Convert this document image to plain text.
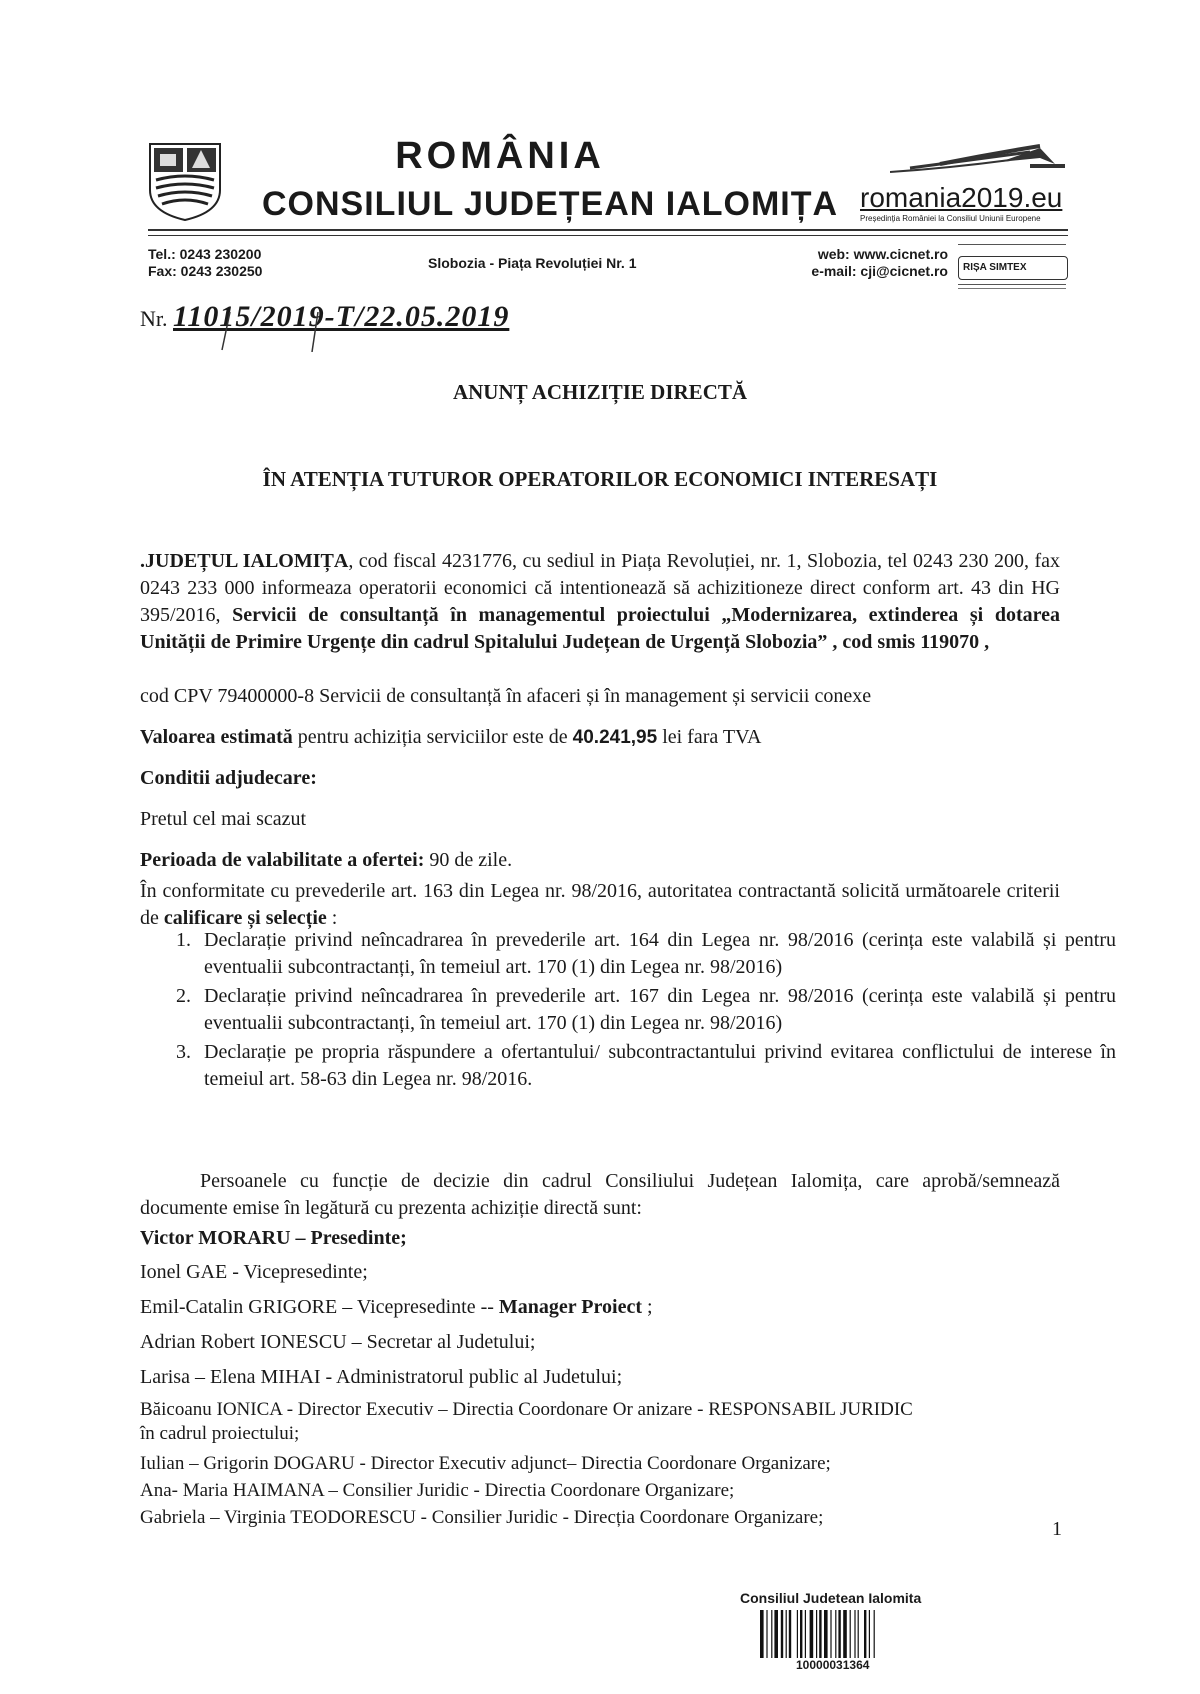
ROMÂNIA
CONSILIUL JUDEȚEAN IALOMIȚA romania2019.eu
Președinția României la Consiliul Uniunii Europene
Tel.: 0243 230200
Fax: 0243 230250	Slobozia - Piața Revoluției Nr. 1
web: www.cicnet.ro
e-mail: cji@cicnet.ro	RIȘA SIMTEX
Nr. 11015/2019-T/22.05.2019
ANUNȚ ACHIZIȚIE DIRECTĂ
ÎN ATENȚIA TUTUROR OPERATORILOR ECONOMICI INTERESAȚI
.JUDEȚUL IALOMIȚA, cod fiscal 4231776, cu sediul in Piața Revoluției, nr. 1, Slobozia, tel 0243 230 200, fax 0243 233 000 informeaza operatorii economici că intentionează să achizitioneze direct conform art. 43 din HG 395/2016, Servicii de consultanță în managementul proiectului „Modernizarea, extinderea și dotarea Unității de Primire Urgențe din cadrul Spitalului Județean de Urgență Slobozia” , cod smis 119070 ,
cod CPV 79400000-8 Servicii de consultanță în afaceri și în management și servicii conexe
Valoarea estimată pentru achiziția serviciilor este de 40.241,95 lei fara TVA
Conditii adjudecare:
Pretul cel mai scazut
Perioada de valabilitate a ofertei: 90 de zile.
În conformitate cu prevederile art. 163 din Legea nr. 98/2016, autoritatea contractantă solicită următoarele criterii de calificare și selecție :
1. Declarație privind neîncadrarea în prevederile art. 164 din Legea nr. 98/2016 (cerința este valabilă și pentru eventualii subcontractanți, în temeiul art. 170 (1) din Legea nr. 98/2016)
2. Declarație privind neîncadrarea în prevederile art. 167 din Legea nr. 98/2016 (cerința este valabilă și pentru eventualii subcontractanți, în temeiul art. 170 (1) din Legea nr. 98/2016)
3. Declarație pe propria răspundere a ofertantului/ subcontractantului privind evitarea conflictului de interese în temeiul art. 58-63 din Legea nr. 98/2016.
Persoanele cu funcție de decizie din cadrul Consiliului Județean Ialomița, care aprobă/semnează documente emise în legătură cu prezenta achiziție directă sunt:
Victor MORARU – Presedinte;
Ionel GAE - Vicepresedinte;
Emil-Catalin GRIGORE – Vicepresedinte -- Manager Proiect ;
Adrian Robert IONESCU – Secretar al Judetului;
Larisa – Elena MIHAI - Administratorul public al Judetului;
Băicoanu IONICA - Director Executiv – Directia Coordonare Or anizare - RESPONSABIL JURIDIC
în cadrul proiectului;
Iulian – Grigorin DOGARU - Director Executiv adjunct– Directia Coordonare Organizare;
Ana- Maria HAIMANA – Consilier Juridic - Directia Coordonare Organizare;
Gabriela – Virginia TEODORESCU - Consilier Juridic - Direcția Coordonare Organizare;
1
Consiliul Judetean Ialomita
10000031364
